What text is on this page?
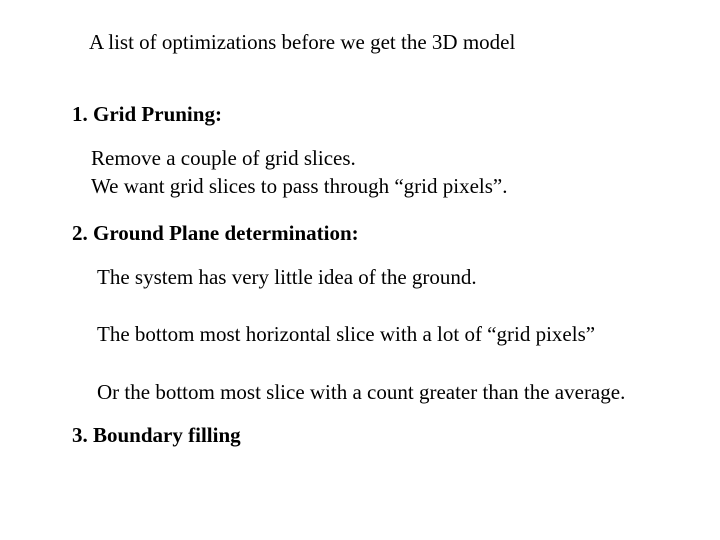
A list of optimizations before we get the 3D model
1. Grid Pruning:
Remove a couple of grid slices.
We want grid slices to pass through “grid pixels”.
2. Ground Plane determination:
The system has very little idea of the ground.
The bottom most horizontal slice with a lot of “grid pixels”
Or the bottom most slice with a count greater than the average.
3. Boundary filling
